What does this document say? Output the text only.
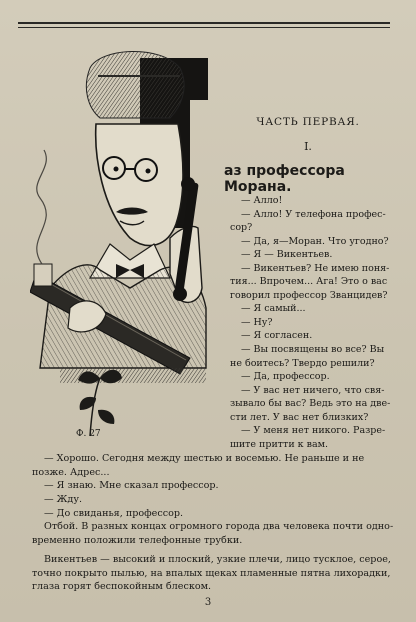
Г
Ф. 27
ЧАСТЬ ПЕРВАЯ.
I.
аз профессора Морана.
— Алло!
— Алло! У телефона профес-
сор?
— Да, я—Моран. Что угодно?
— Я — Викентьев.
— Викентьев? Не имею поня-
тия... Впрочем... Ага! Это о вас
говорил профессор Званцидев?
— Я самый...
— Ну?
— Я согласен.
— Вы посвящены во все? Вы
не боитесь? Твердо решили?
— Да, профессор.
— У вас нет ничего, что свя-
зывало бы вас? Ведь это на две-
сти лет. У вас нет близких?
— У меня нет никого. Разре-
шите притти к вам.
— Хорошо. Сегодня между шестью и восемью. Не раньше и не
позже. Адрес...
— Я знаю. Мне сказал профессор.
— Жду.
— До свиданья, профессор.
Отбой. В разных концах огромного города два человека почти одно-
временно положили телефонные трубки.
Викентьев — высокий и плоский, узкие плечи, лицо тусклое, серое,
точно покрыто пылью, на впалых щеках пламенные пятна лихорадки,
глаза горят беспокойным блеском.
3
